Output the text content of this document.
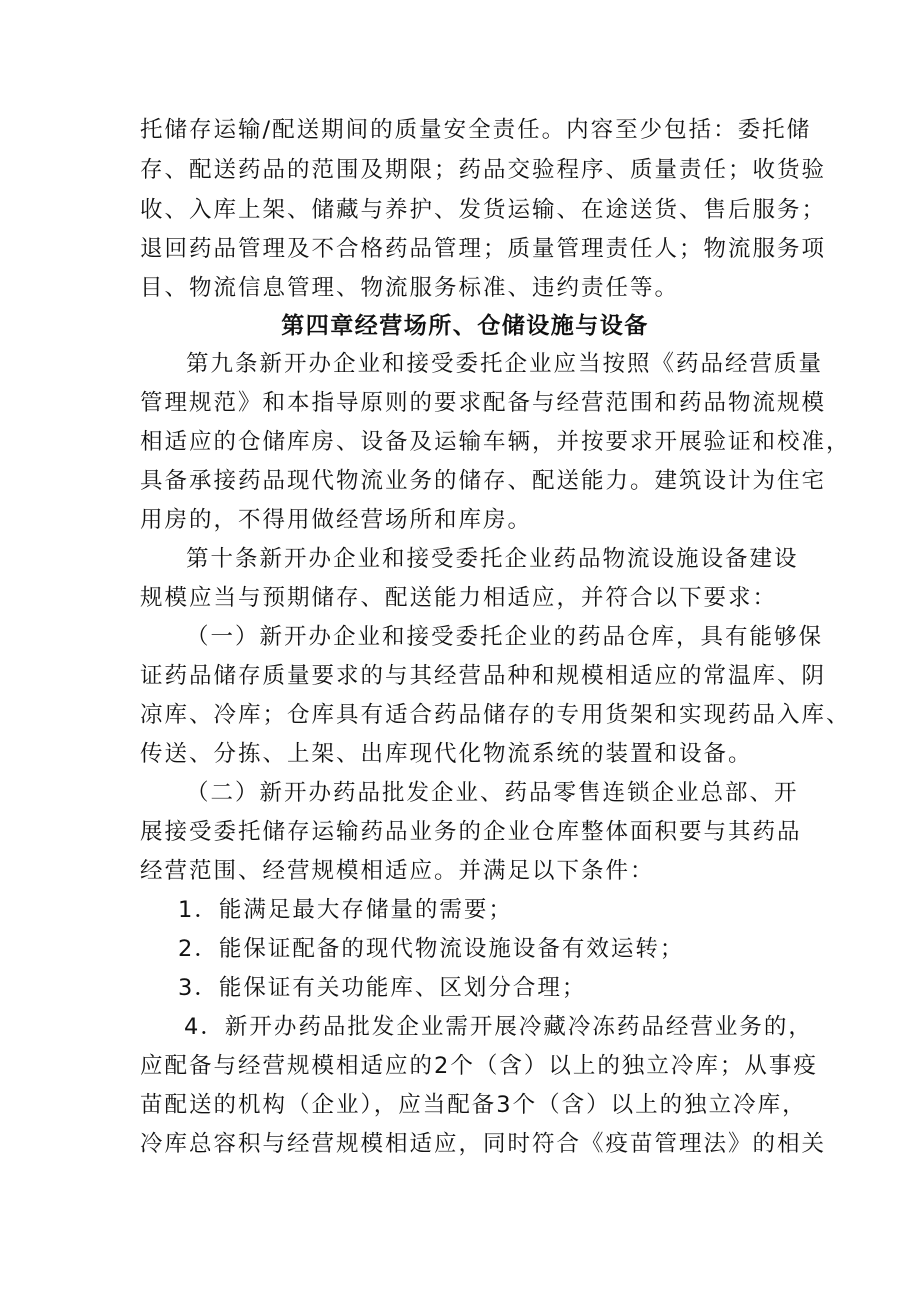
托储存运输/配送期间的质量安全责任。内容至少包括：委托储
存、配送药品的范围及期限；药品交验程序、质量责任；收货验
收、入库上架、储藏与养护、发货运输、在途送货、售后服务；
退回药品管理及不合格药品管理；质量管理责任人；物流服务项
目、物流信息管理、物流服务标准、违约责任等。
第四章经营场所、仓储设施与设备
第九条新开办企业和接受委托企业应当按照《药品经营质量
管理规范》和本指导原则的要求配备与经营范围和药品物流规模
相适应的仓储库房、设备及运输车辆，并按要求开展验证和校准，
具备承接药品现代物流业务的储存、配送能力。建筑设计为住宅
用房的，不得用做经营场所和库房。
第十条新开办企业和接受委托企业药品物流设施设备建设
规模应当与预期储存、配送能力相适应，并符合以下要求：
（一）新开办企业和接受委托企业的药品仓库，具有能够保
证药品储存质量要求的与其经营品种和规模相适应的常温库、阴
凉库、冷库；仓库具有适合药品储存的专用货架和实现药品入库、
传送、分拣、上架、出库现代化物流系统的装置和设备。
（二）新开办药品批发企业、药品零售连锁企业总部、开
展接受委托储存运输药品业务的企业仓库整体面积要与其药品
经营范围、经营规模相适应。并满足以下条件：
1．能满足最大存储量的需要；
2．能保证配备的现代物流设施设备有效运转；
3．能保证有关功能库、区划分合理；
4．新开办药品批发企业需开展冷藏冷冻药品经营业务的，
应配备与经营规模相适应的2个（含）以上的独立冷库；从事疫
苗配送的机构（企业），应当配备3个（含）以上的独立冷库，
冷库总容积与经营规模相适应，同时符合《疫苗管理法》的相关
